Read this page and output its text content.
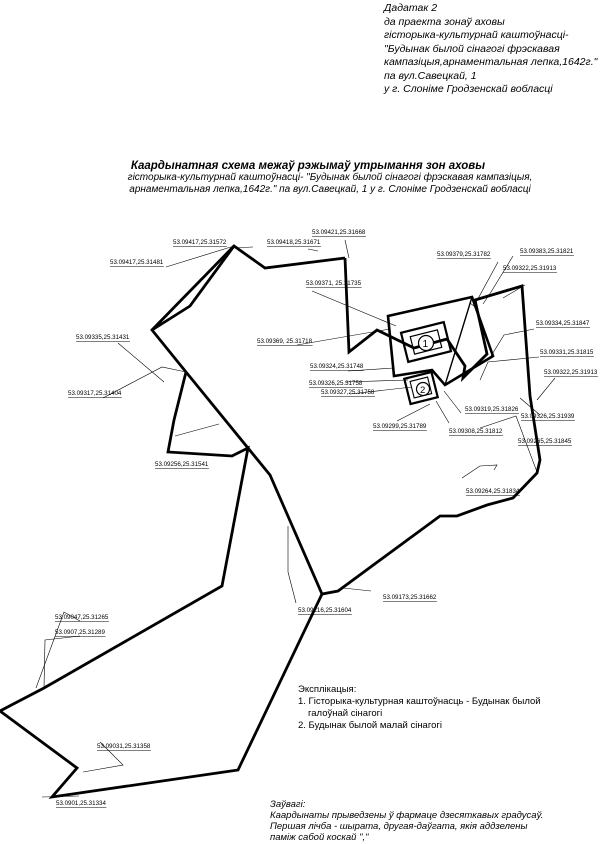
Дадатак 2
да праекта зонаў аховы
гісторыка-культурнай каштоўнасці-
"Будынак былой сінагогі фрэскавая
кампазіцыя,арнаментальная лепка,1642г."
па вул.Савецкай, 1
у г. Слоніме Гродзенскай вобласці
Каардынатная схема межаў рэжымаў утрымання зон аховы
гісторыка-культурнай каштоўнасці- "Будынак былой сінагогі фрэскавая кампазіцыя,
арнаментальная лепка,1642г." па вул.Савецкай, 1 у г. Слоніме Гродзенскай вобласці
1
2
53.09417,25.31572	53.09418,25.31671
53.09421,25.31668
53.09417,25.31481
53.09379,25.31782	53.09383,25.31821
53.09371, 25.31735
53.09322,25.31913
53.09335,25.31431
53.09369, 25.31718
53.09334,25.31847
53.09331,25.31815
53.09322,25.31913
53.09324,25.31748
53.09326,25.31758
53.09327,25.31758
53.09317,25.31404
53.09319,25.31826
53.09299,25.31789
53.09308,25.31812
53.09326,25.31939
53.09265,25.31845
53.09256,25.31541
53.09264,25.31834
53.09047,25.31265
53.0907,25.31289
53.09173,25.31662
53.09216,25.31604
53.09031,25.31358
53.0901,25.31334
Эксплікацыя:
1. Гісторыка-культурная каштоўнасць - Будынак былой
галоўнай сінагогі
2. Будынак былой малай сінагогі
Заўвагі:
Каардынаты прыведзены ў фармаце дзесяткавых градусаў.
Першая лічба - шырата, другая-даўгата, якія аддзелены
паміж сабой коскай ","
